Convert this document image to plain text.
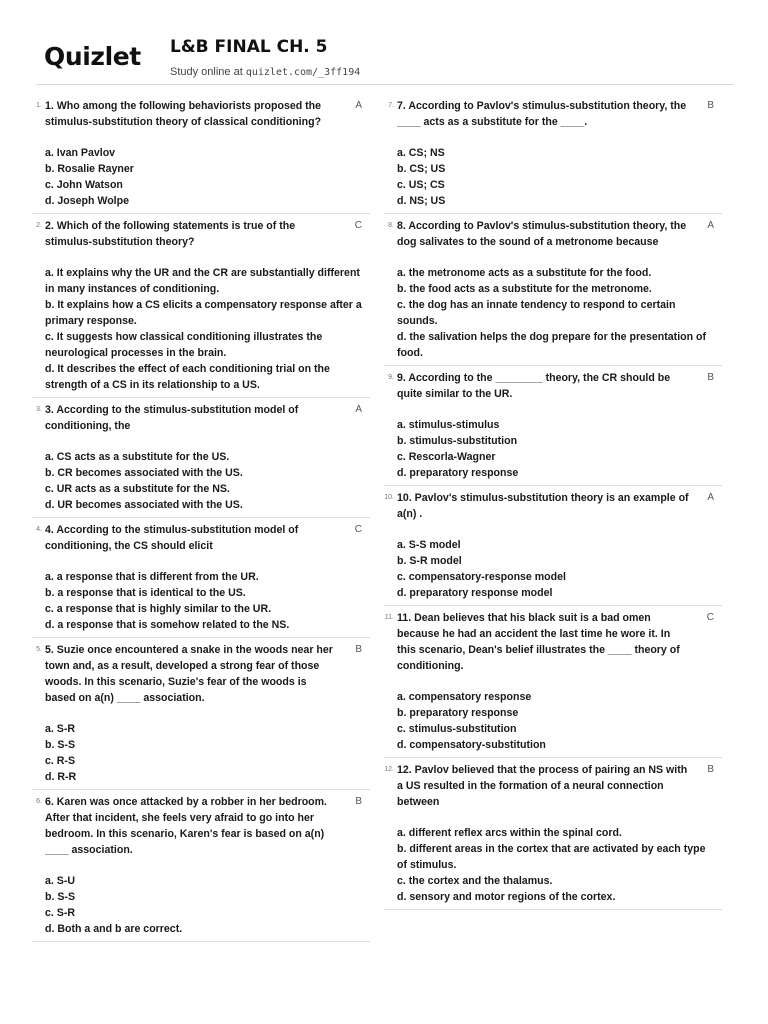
Quizlet L&B FINAL CH. 5
Study online at quizlet.com/_3ff194
1.	A
1. Who among the following behaviorists proposed the stimulus-substitution theory of classical conditioning?
a. Ivan Pavlov
b. Rosalie Rayner
c. John Watson
d. Joseph Wolpe
2.	C
2. Which of the following statements is true of the stimulus-substitution theory?
a. It explains why the UR and the CR are substantially different in many instances of conditioning.
b. It explains how a CS elicits a compensatory response after a primary response.
c. It suggests how classical conditioning illustrates the neurological processes in the brain.
d. It describes the effect of each conditioning trial on the strength of a CS in its relationship to a US.
3.	A
3. According to the stimulus-substitution model of conditioning, the
a. CS acts as a substitute for the US.
b. CR becomes associated with the US.
c. UR acts as a substitute for the NS.
d. UR becomes associated with the US.
4.	C
4. According to the stimulus-substitution model of conditioning, the CS should elicit
a. a response that is different from the UR.
b. a response that is identical to the US.
c. a response that is highly similar to the UR.
d. a response that is somehow related to the NS.
5.	B
5. Suzie once encountered a snake in the woods near her town and, as a result, developed a strong fear of those woods. In this scenario, Suzie's fear of the woods is based on a(n) ____ association.
a. S-R
b. S-S
c. R-S
d. R-R
6.	B
6. Karen was once attacked by a robber in her bedroom. After that incident, she feels very afraid to go into her bedroom. In this scenario, Karen's fear is based on a(n) ____ association.
a. S-U
b. S-S
c. S-R
d. Both a and b are correct.
7.	B
7. According to Pavlov's stimulus-substitution theory, the ____ acts as a substitute for the ____.
a. CS; NS
b. CS; US
c. US; CS
d. NS; US
8.	A
8. According to Pavlov's stimulus-substitution theory, the dog salivates to the sound of a metronome because
a. the metronome acts as a substitute for the food.
b. the food acts as a substitute for the metronome.
c. the dog has an innate tendency to respond to certain sounds.
d. the salivation helps the dog prepare for the presentation of food.
9.	B
9. According to the ________ theory, the CR should be quite similar to the UR.
a. stimulus-stimulus
b. stimulus-substitution
c. Rescorla-Wagner
d. preparatory response
10.	A
10. Pavlov's stimulus-substitution theory is an example of a(n) .
a. S-S model
b. S-R model
c. compensatory-response model
d. preparatory response model
11.	C
11. Dean believes that his black suit is a bad omen because he had an accident the last time he wore it. In this scenario, Dean's belief illustrates the ____ theory of conditioning.
a. compensatory response
b. preparatory response
c. stimulus-substitution
d. compensatory-substitution
12.	B
12. Pavlov believed that the process of pairing an NS with a US resulted in the formation of a neural connection between
a. different reflex arcs within the spinal cord.
b. different areas in the cortex that are activated by each type of stimulus.
c. the cortex and the thalamus.
d. sensory and motor regions of the cortex.
